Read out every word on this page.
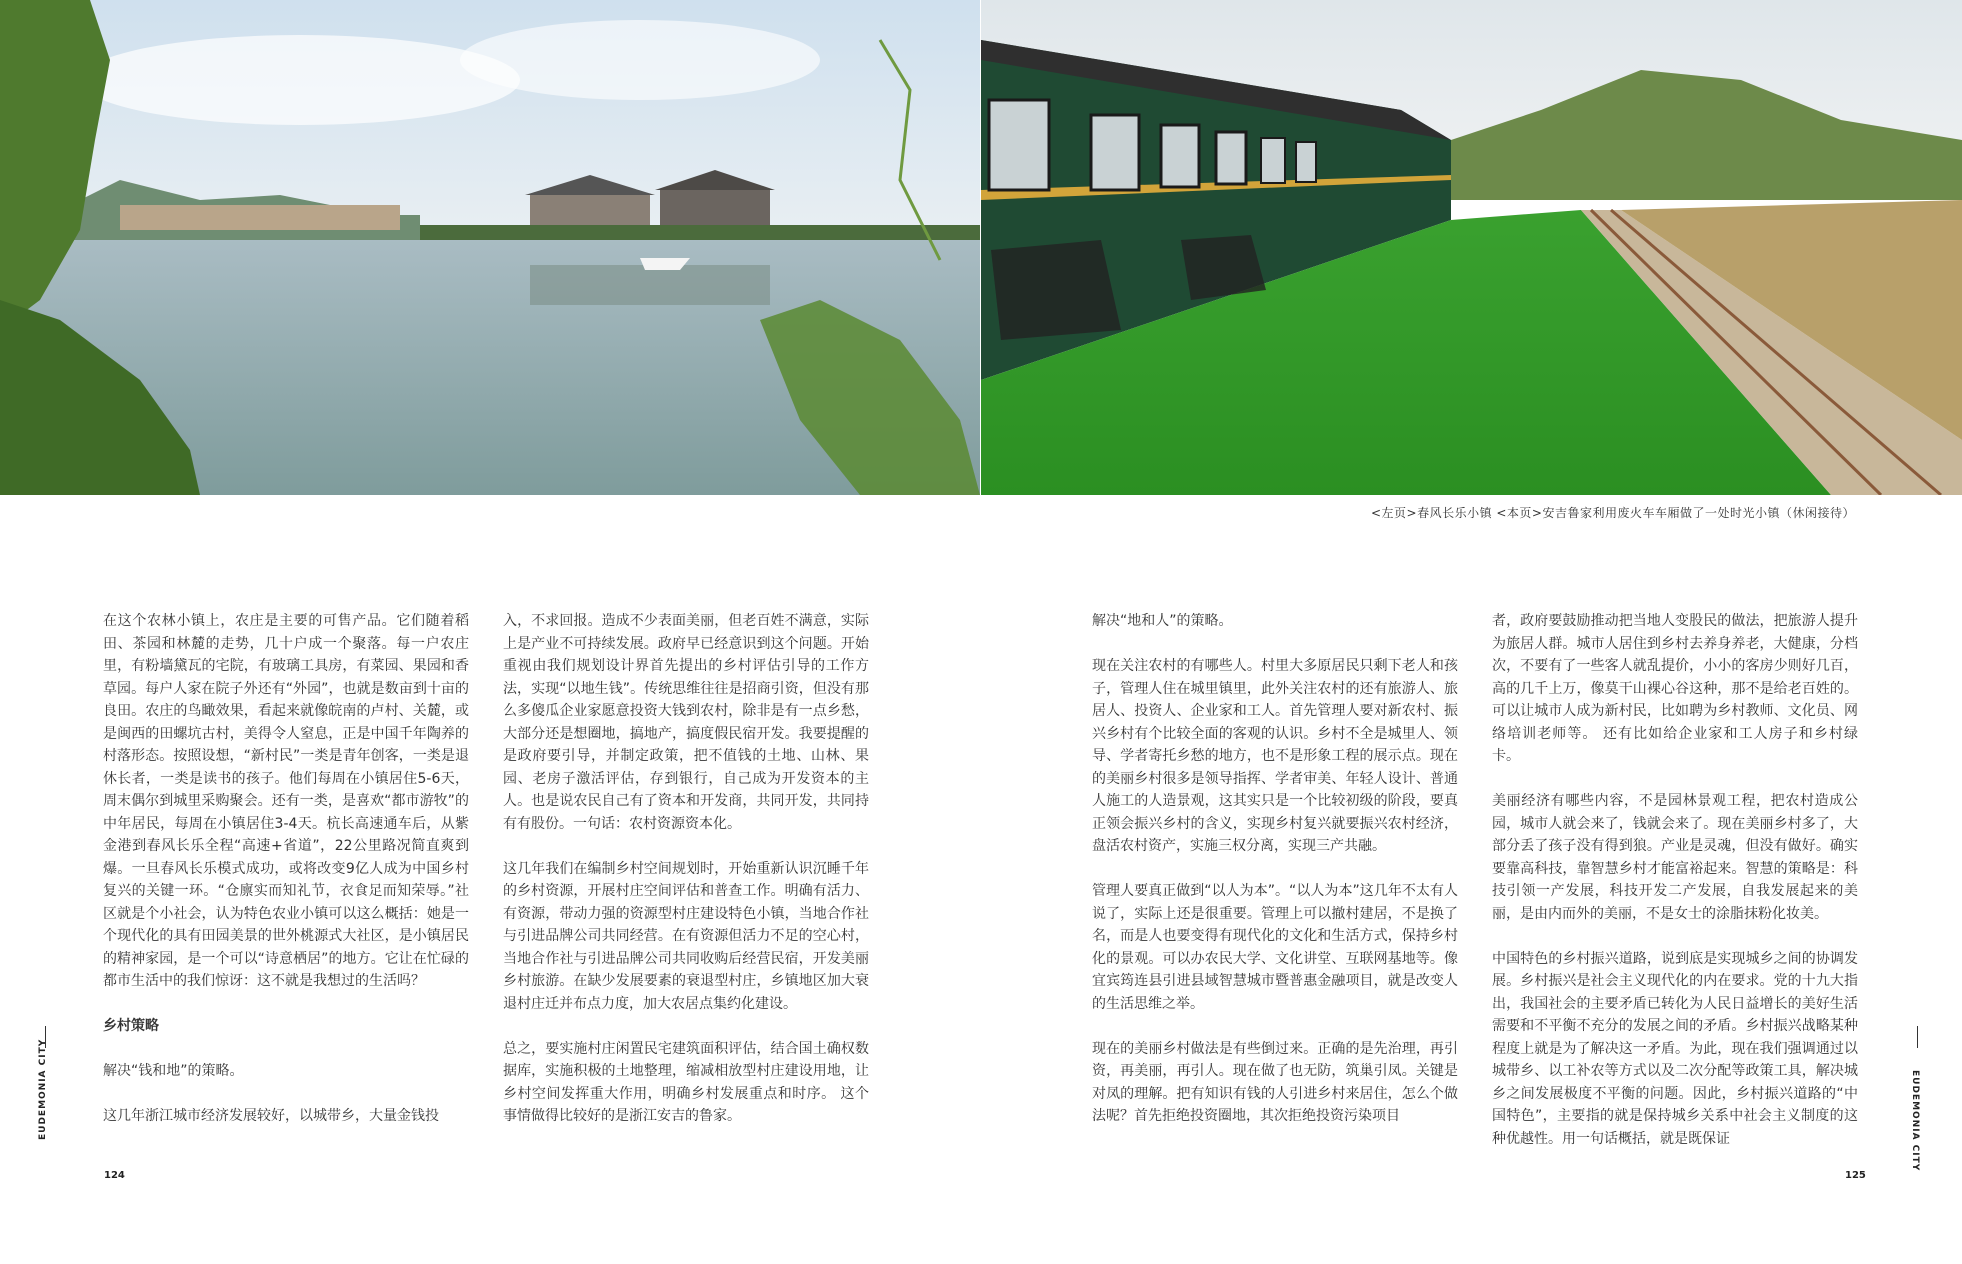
<左页>春风长乐小镇 <本页>安吉鲁家利用废火车车厢做了一处时光小镇（休闲接待）

在这个农林小镇上，农庄是主要的可售产品。它们随着稻田、茶园和林麓的走势，几十户成一个聚落。每一户农庄里，有粉墙黛瓦的宅院，有玻璃工具房，有菜园、果园和香草园。每户人家在院子外还有“外园”，也就是数亩到十亩的良田。农庄的鸟瞰效果，看起来就像皖南的卢村、关麓，或是闽西的田螺坑古村，美得令人窒息，正是中国千年陶养的村落形态。按照设想，“新村民”一类是青年创客，一类是退休长者，一类是读书的孩子。他们每周在小镇居住5-6天，周末偶尔到城里采购聚会。还有一类，是喜欢“都市游牧”的中年居民，每周在小镇居住3-4天。杭长高速通车后，从紫金港到春风长乐全程“高速+省道”，22公里路况简直爽到爆。一旦春风长乐模式成功，或将改变9亿人成为中国乡村复兴的关键一环。“仓廪实而知礼节，衣食足而知荣辱。”社区就是个小社会，认为特色农业小镇可以这么概括：她是一个现代化的具有田园美景的世外桃源式大社区，是小镇居民的精神家园，是一个可以“诗意栖居”的地方。它让在忙碌的都市生活中的我们惊讶：这不就是我想过的生活吗？

乡村策略

解决“钱和地”的策略。

这几年浙江城市经济发展较好，以城带乡，大量金钱投

入，不求回报。造成不少表面美丽，但老百姓不满意，实际上是产业不可持续发展。政府早已经意识到这个问题。开始重视由我们规划设计界首先提出的乡村评估引导的工作方法，实现“以地生钱”。传统思维往往是招商引资，但没有那么多傻瓜企业家愿意投资大钱到农村，除非是有一点乡愁，大部分还是想圈地，搞地产，搞度假民宿开发。我要提醒的是政府要引导，并制定政策，把不值钱的土地、山林、果园、老房子激活评估，存到银行，自己成为开发资本的主人。也是说农民自己有了资本和开发商，共同开发，共同持有有股份。一句话：农村资源资本化。

这几年我们在编制乡村空间规划时，开始重新认识沉睡千年的乡村资源，开展村庄空间评估和普查工作。明确有活力、有资源，带动力强的资源型村庄建设特色小镇，当地合作社与引进品牌公司共同经营。在有资源但活力不足的空心村，当地合作社与引进品牌公司共同收购后经营民宿，开发美丽乡村旅游。在缺少发展要素的衰退型村庄，乡镇地区加大衰退村庄迁并布点力度，加大农居点集约化建设。

总之，要实施村庄闲置民宅建筑面积评估，结合国土确权数据库，实施积极的土地整理，缩减相放型村庄建设用地，让乡村空间发挥重大作用，明确乡村发展重点和时序。 这个事情做得比较好的是浙江安吉的鲁家。

解决“地和人”的策略。

现在关注农村的有哪些人。村里大多原居民只剩下老人和孩子，管理人住在城里镇里，此外关注农村的还有旅游人、旅居人、投资人、企业家和工人。首先管理人要对新农村、振兴乡村有个比较全面的客观的认识。乡村不全是城里人、领导、学者寄托乡愁的地方，也不是形象工程的展示点。现在的美丽乡村很多是领导指挥、学者审美、年轻人设计、普通人施工的人造景观，这其实只是一个比较初级的阶段，要真正领会振兴乡村的含义，实现乡村复兴就要振兴农村经济，盘活农村资产，实施三权分离，实现三产共融。

管理人要真正做到“以人为本”。“以人为本”这几年不太有人说了，实际上还是很重要。管理上可以撤村建居，不是换了名，而是人也要变得有现代化的文化和生活方式，保持乡村化的景观。可以办农民大学、文化讲堂、互联网基地等。像宜宾筠连县引进县域智慧城市暨普惠金融项目，就是改变人的生活思维之举。

现在的美丽乡村做法是有些倒过来。正确的是先治理，再引资，再美丽，再引人。现在做了也无防，筑巢引凤。关键是对凤的理解。把有知识有钱的人引进乡村来居住，怎么个做法呢？首先拒绝投资圈地，其次拒绝投资污染项目

者，政府要鼓励推动把当地人变股民的做法，把旅游人提升为旅居人群。城市人居住到乡村去养身养老，大健康，分档次，不要有了一些客人就乱提价，小小的客房少则好几百，高的几千上万，像莫干山裸心谷这种，那不是给老百姓的。可以让城市人成为新村民，比如聘为乡村教师、文化员、网络培训老师等。 还有比如给企业家和工人房子和乡村绿卡。

美丽经济有哪些内容，不是园林景观工程，把农村造成公园，城市人就会来了，钱就会来了。现在美丽乡村多了，大部分丢了孩子没有得到狼。产业是灵魂，但没有做好。确实要靠高科技，靠智慧乡村才能富裕起来。智慧的策略是：科技引领一产发展，科技开发二产发展，自我发展起来的美丽，是由内而外的美丽，不是女士的涂脂抹粉化妆美。

中国特色的乡村振兴道路，说到底是实现城乡之间的协调发展。乡村振兴是社会主义现代化的内在要求。党的十九大指出，我国社会的主要矛盾已转化为人民日益增长的美好生活需要和不平衡不充分的发展之间的矛盾。乡村振兴战略某种程度上就是为了解决这一矛盾。为此，现在我们强调通过以城带乡、以工补农等方式以及二次分配等政策工具，解决城乡之间发展极度不平衡的问题。因此，乡村振兴道路的“中国特色”，主要指的就是保持城乡关系中社会主义制度的这种优越性。用一句话概括，就是既保证

EUDEMONIA CITY	EUDEMONIA CITY
124	125
